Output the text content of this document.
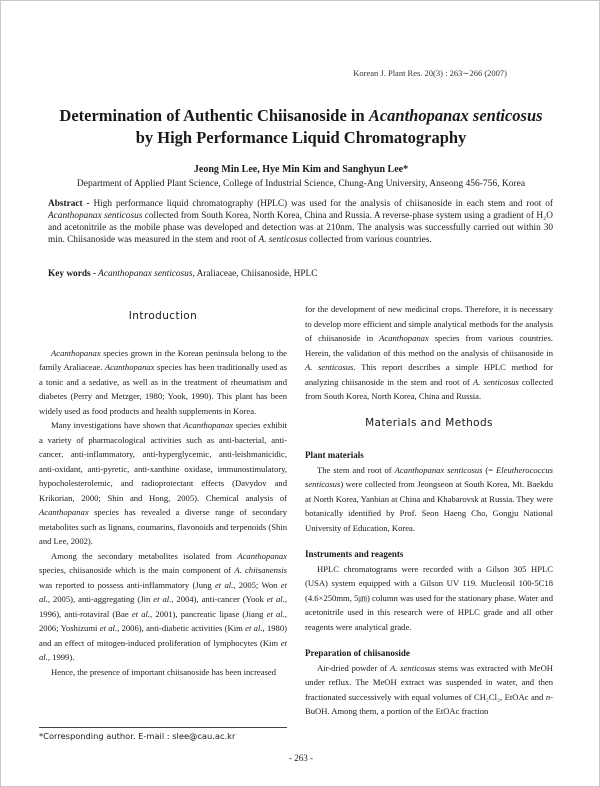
Korean J. Plant Res. 20(3) : 263∼266 (2007)
Determination of Authentic Chiisanoside in Acanthopanax senticosus
by High Performance Liquid Chromatography
Jeong Min Lee, Hye Min Kim and Sanghyun Lee*
Department of Applied Plant Science, College of Industrial Science, Chung-Ang University, Anseong 456-756, Korea
Abstract - High performance liquid chromatography (HPLC) was used for the analysis of chiisanoside in each stem and root of Acanthopanax senticosus collected from South Korea, North Korea, China and Russia. A reverse-phase system using a gradient of H₂O and acetonitrile as the mobile phase was developed and detection was at 210nm. The analysis was successfully carried out within 30 min. Chiisanoside was measured in the stem and root of A. senticosus collected from various countries.
Key words - Acanthopanax senticosus, Araliaceae, Chiisanoside, HPLC
Introduction

Acanthopanax species grown in the Korean peninsula belong to the family Araliaceae. Acanthopanax species has been traditionally used as a tonic and a sedative, as well as in the treatment of rheumatism and diabetes (Perry and Metzger, 1980; Yook, 1990). This plant has been widely used as food products and health supplements in Korea.

Many investigations have shown that Acanthopanax species exhibit a variety of pharmacological activities such as anti-bacterial, anti-cancer, anti-inflammatory, anti-hyperglycemic, anti-leishmanicidic, anti-oxidant, anti-pyretic, anti-xanthine oxidase, immunostimulatory, hypocholesterolemic, and radioprotectant effects (Davydov and Krikorian, 2000; Shin and Hong, 2005). Chemical analysis of Acanthopanax species has revealed a diverse range of secondary metabolites such as lignans, coumarins, flavonoids and terpenoids (Shin and Lee, 2002).

Among the secondary metabolites isolated from Acanthopanax species, chiisanoside which is the main component of A. chiisanensis was reported to possess anti-inflammatory (Jung et al., 2005; Won et al., 2005), anti-aggregating (Jin et al., 2004), anti-cancer (Yook et al., 1996), anti-rotaviral (Bae et al., 2001), pancreatic lipase (Jiang et al., 2006; Yoshizumi et al., 2006), anti-diabetic activities (Kim et al., 1980) and an effect of mitogen-induced proliferation of lymphocytes (Kim et al., 1999).

Hence, the presence of important chiisanoside has been increased

for the development of new medicinal crops. Therefore, it is necessary to develop more efficient and simple analytical methods for the analysis of chiisanoside in Acanthopanax species from various countries. Herein, the validation of this method on the analysis of chiisanoside in A. senticosus. This report describes a simple HPLC method for analyzing chiisanoside in the stem and root of A. senticosus collected from South Korea, North Korea, China and Russia.

Materials and Methods

Plant materials

The stem and root of Acanthopanax senticosus (= Eleutherococcus senticosus) were collected from Jeongseon at South Korea, Mt. Baekdu at North Korea, Yanbian at China and Khabarovsk at Russia. They were botanically identified by Prof. Seon Haeng Cho, Gongju National University of Education, Korea.

Instruments and reagents

HPLC chromatograms were recorded with a Gilson 305 HPLC (USA) system equipped with a Gilson UV 119. Mucleosil 100-5C18 (4.6×250mm, 5㎛) column was used for the stationary phase. Water and acetonitrile used in this research were of HPLC grade and all other reagents were analytical grade.

Preparation of chiisanoside

Air-dried powder of A. senticosus stems was extracted with MeOH under reflux. The MeOH extract was suspended in water, and then fractionated successively with equal volumes of CH₂Cl₂, EtOAc and n-BuOH. Among them, a portion of the EtOAc fraction

*Corresponding author. E-mail : slee@cau.ac.kr
- 263 -
